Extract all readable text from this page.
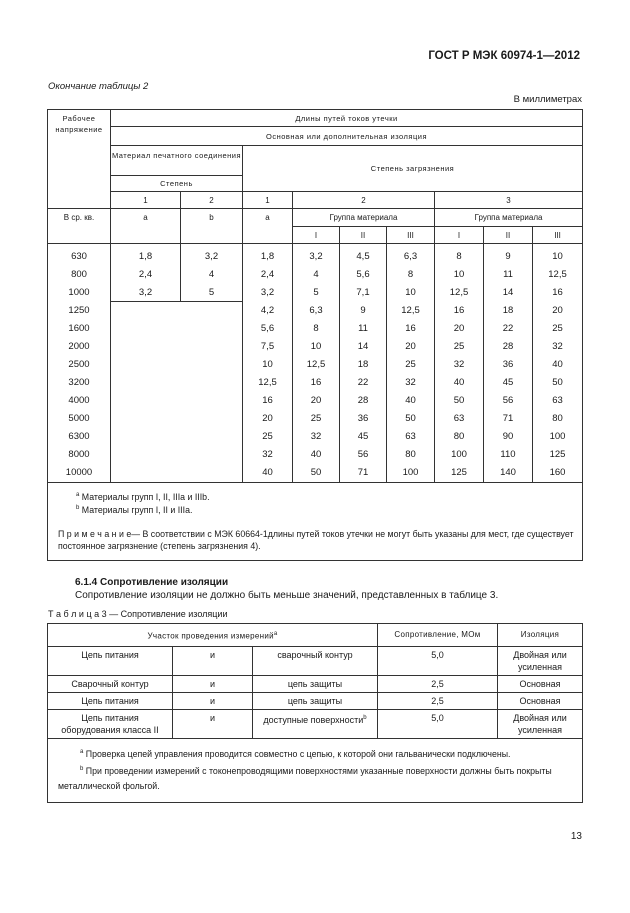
ГОСТ Р МЭК 60974-1—2012
Окончание таблицы 2
В миллиметрах
Рабочее напряжение	Длины путей токов утечки								
	Основная или дополнительная изоляция								
	Материал печатного соединения		Степень загрязнения						
	Степень								
	1	2	1	2			3		
В ср. кв.	a	b	a	Группа материала			Группа материала		
				I	II	III	I	II	III
630	1,8	3,2	1,8	3,2	4,5	6,3	8	9	10
800	2,4	4	2,4	4	5,6	8	10	11	12,5
1000	3,2	5	3,2	5	7,1	10	12,5	14	16
1250			4,2	6,3	9	12,5	16	18	20
1600			5,6	8	11	16	20	22	25
2000			7,5	10	14	20	25	28	32
2500			10	12,5	18	25	32	36	40
3200			12,5	16	22	32	40	45	50
4000			16	20	28	40	50	56	63
5000			20	25	36	50	63	71	80
6300			25	32	45	63	80	90	100
8000			32	40	56	80	100	110	125
10000			40	50	71	100	125	140	160

$^a$ Материалы групп I, II, IIIa и IIIb.
$^b$ Материалы групп I, II и IIIa.
П р и м е ч а н и е— В соответствии с МЭК 60664-1длины путей токов утечки не могут быть указаны для мест, где существует постоянное загрязнение (степень загрязнения 4).									
6.1.4 Сопротивление изоляции
Сопротивление изоляции не должно быть меньше значений, представленных в таблице 3.
Т а б л и ц а 3 — Сопротивление изоляции
Участок проведения измерений$^a$			Сопротивление, МОм	Изоляция
Цепь питания	и	сварочный контур	5,0	Двойная или усиленная
Сварочный контур	и	цепь защиты	2,5	Основная
Цепь питания	и	цепь защиты	2,5	Основная
Цепь питания оборудования класса II	и	доступные поверхности$^b$	5,0	Двойная или усиленная

$^a$ Проверка цепей управления проводится совместно с цепью, к которой они гальванически подключены.
$^b$ При проведении измерений с токонепроводящими поверхностями указанные поверхности должны быть покрыты металлической фольгой.				
13
